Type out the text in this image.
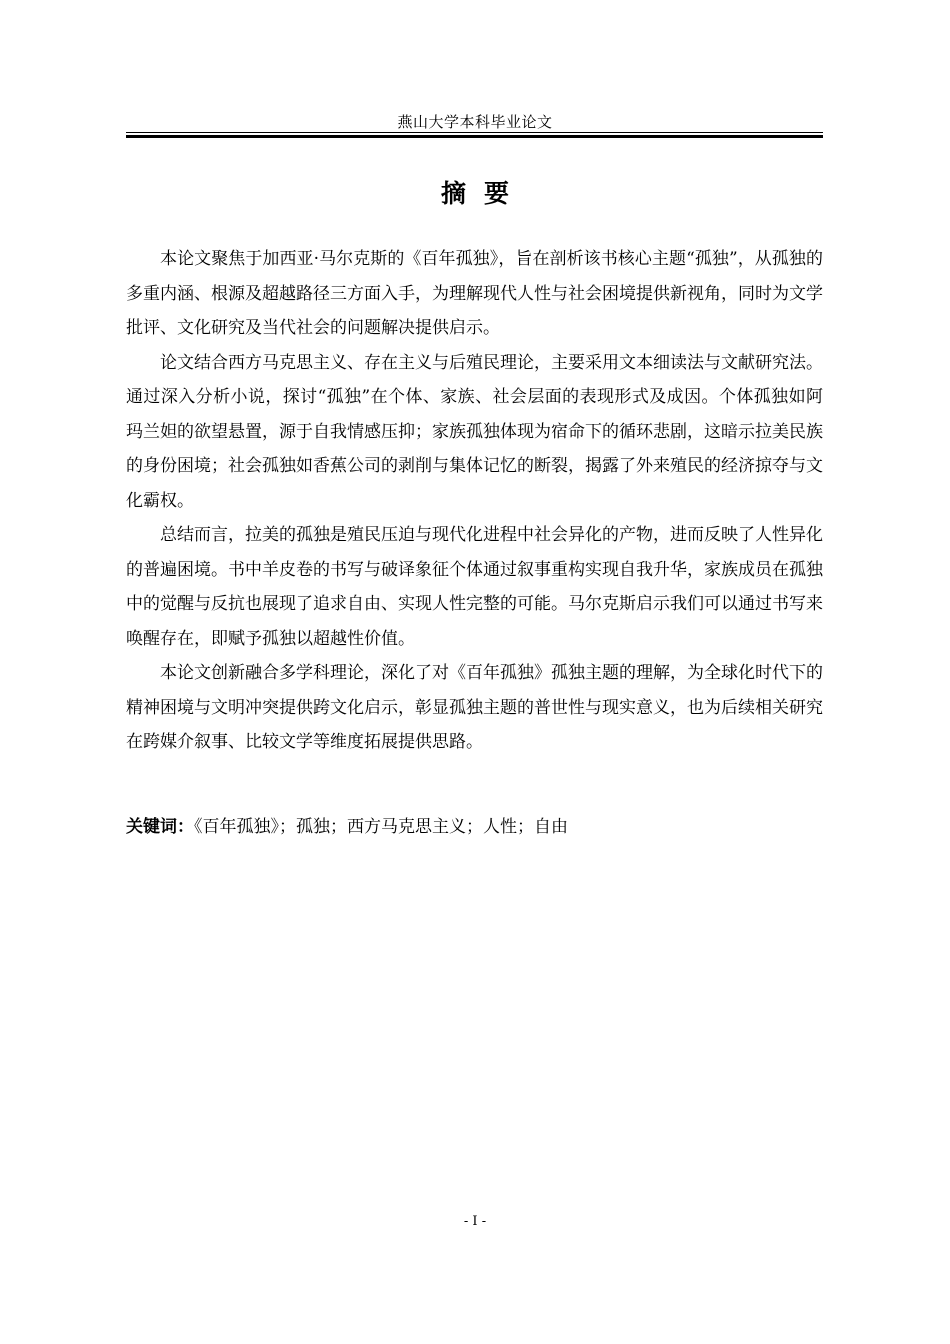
燕山大学本科毕业论文
摘要

本论文聚焦于加西亚·马尔克斯的《百年孤独》，旨在剖析该书核心主题“孤独”，从孤独的多重内涵、根源及超越路径三方面入手，为理解现代人性与社会困境提供新视角，同时为文学批评、文化研究及当代社会的问题解决提供启示。

论文结合西方马克思主义、存在主义与后殖民理论，主要采用文本细读法与文献研究法。通过深入分析小说，探讨“孤独”在个体、家族、社会层面的表现形式及成因。个体孤独如阿玛兰妲的欲望悬置，源于自我情感压抑；家族孤独体现为宿命下的循环悲剧，这暗示拉美民族的身份困境；社会孤独如香蕉公司的剥削与集体记忆的断裂，揭露了外来殖民的经济掠夺与文化霸权。

总结而言，拉美的孤独是殖民压迫与现代化进程中社会异化的产物，进而反映了人性异化的普遍困境。书中羊皮卷的书写与破译象征个体通过叙事重构实现自我升华，家族成员在孤独中的觉醒与反抗也展现了追求自由、实现人性完整的可能。马尔克斯启示我们可以通过书写来唤醒存在，即赋予孤独以超越性价值。

本论文创新融合多学科理论，深化了对《百年孤独》孤独主题的理解，为全球化时代下的精神困境与文明冲突提供跨文化启示，彰显孤独主题的普世性与现实意义，也为后续相关研究在跨媒介叙事、比较文学等维度拓展提供思路。

关键词：《百年孤独》；孤独；西方马克思主义；人性；自由
- I -
